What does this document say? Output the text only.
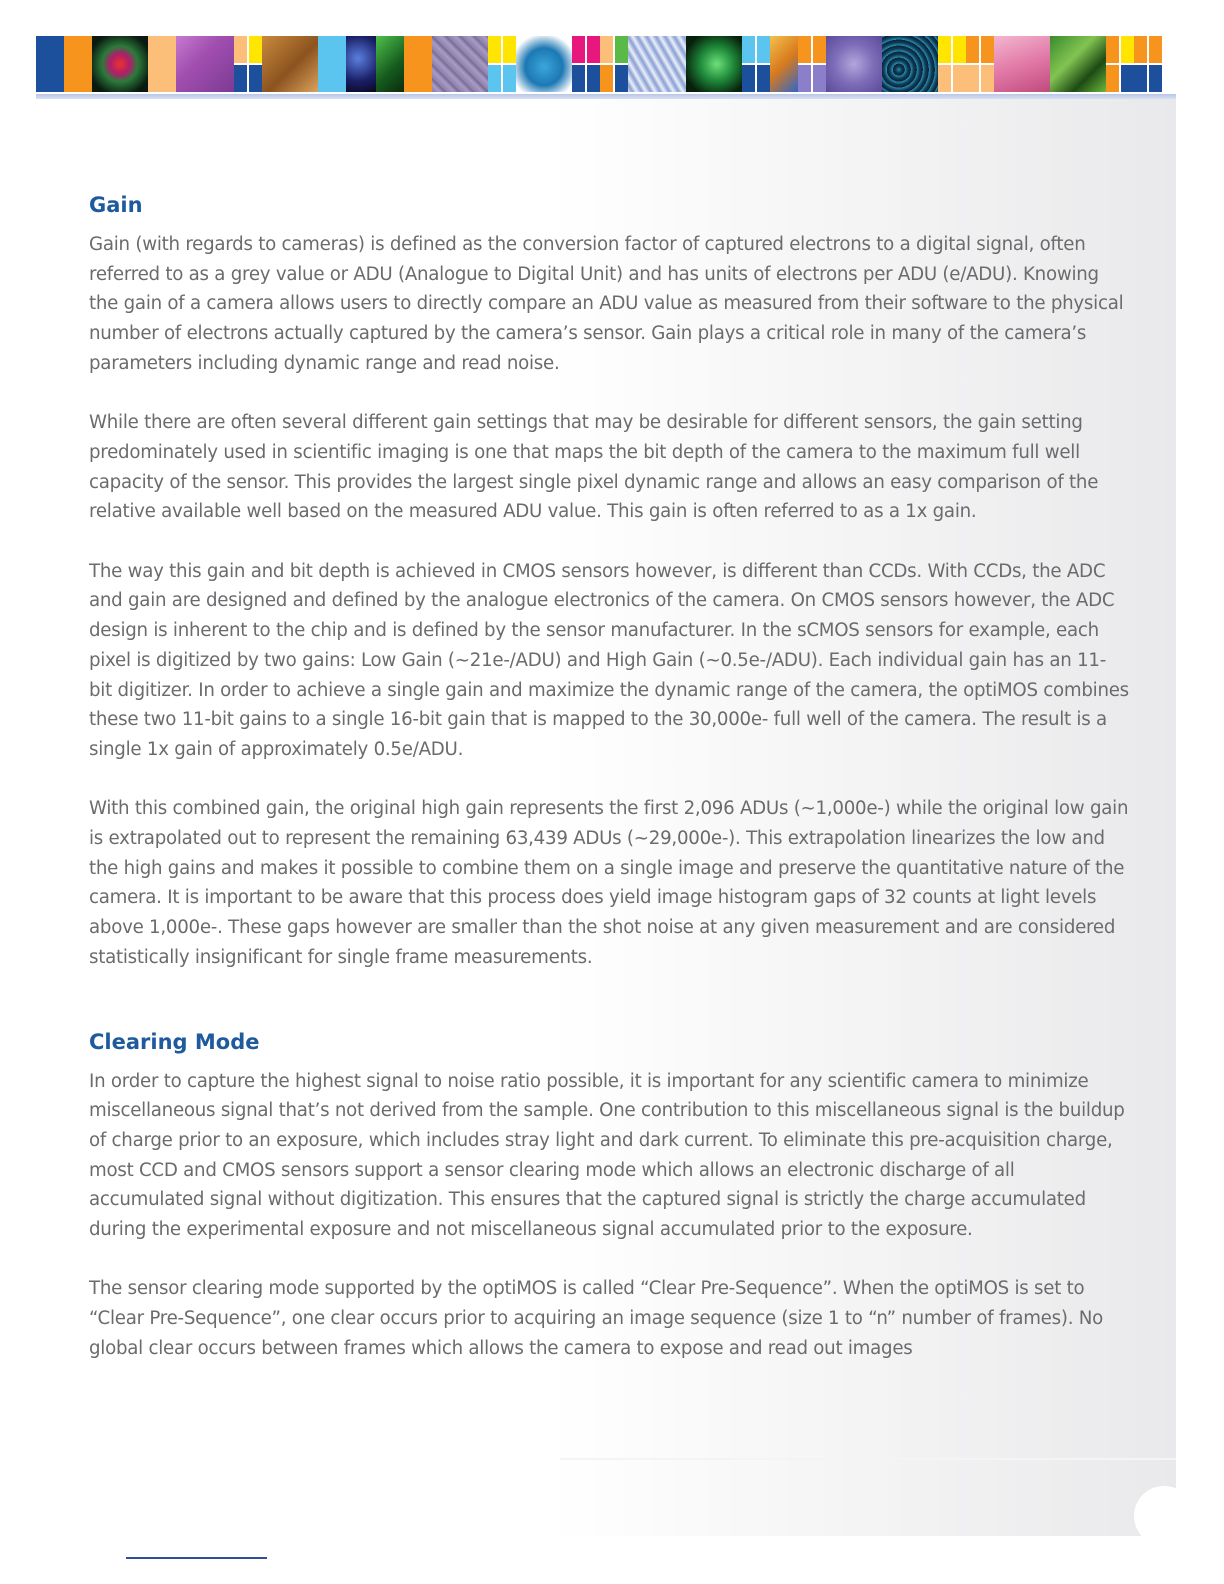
Gain

Gain (with regards to cameras) is defined as the conversion factor of captured electrons to a digital signal, often referred to as a grey value or ADU (Analogue to Digital Unit) and has units of electrons per ADU (e/ADU). Knowing the gain of a camera allows users to directly compare an ADU value as measured from their software to the physical number of electrons actually captured by the camera’s sensor. Gain plays a critical role in many of the camera’s parameters including dynamic range and read noise.

While there are often several different gain settings that may be desirable for different sensors, the gain setting predominately used in scientific imaging is one that maps the bit depth of the camera to the maximum full well capacity of the sensor. This provides the largest single pixel dynamic range and allows an easy comparison of the relative available well based on the measured ADU value. This gain is often referred to as a 1x gain.

The way this gain and bit depth is achieved in CMOS sensors however, is different than CCDs. With CCDs, the ADC and gain are designed and defined by the analogue electronics of the camera. On CMOS sensors however, the ADC design is inherent to the chip and is defined by the sensor manufacturer. In the sCMOS sensors for example, each pixel is digitized by two gains: Low Gain (~21e-/ADU) and High Gain (~0.5e-/ADU). Each individual gain has an 11-bit digitizer. In order to achieve a single gain and maximize the dynamic range of the camera, the optiMOS combines these two 11-bit gains to a single 16-bit gain that is mapped to the 30,000e- full well of the camera. The result is a single 1x gain of approximately 0.5e/ADU.

With this combined gain, the original high gain represents the first 2,096 ADUs (~1,000e-) while the original low gain is extrapolated out to represent the remaining 63,439 ADUs (~29,000e-). This extrapolation linearizes the low and the high gains and makes it possible to combine them on a single image and preserve the quantitative nature of the camera. It is important to be aware that this process does yield image histogram gaps of 32 counts at light levels above 1,000e-. These gaps however are smaller than the shot noise at any given measurement and are considered statistically insignificant for single frame measurements.

Clearing Mode

In order to capture the highest signal to noise ratio possible, it is important for any scientific camera to minimize miscellaneous signal that’s not derived from the sample. One contribution to this miscellaneous signal is the buildup of charge prior to an exposure, which includes stray light and dark current. To eliminate this pre-acquisition charge, most CCD and CMOS sensors support a sensor clearing mode which allows an electronic discharge of all accumulated signal without digitization. This ensures that the captured signal is strictly the charge accumulated during the experimental exposure and not miscellaneous signal accumulated prior to the exposure.

The sensor clearing mode supported by the optiMOS is called “Clear Pre-Sequence”. When the optiMOS is set to “Clear Pre-Sequence”, one clear occurs prior to acquiring an image sequence (size 1 to “n” number of frames). No global clear occurs between frames which allows the camera to expose and read out images
